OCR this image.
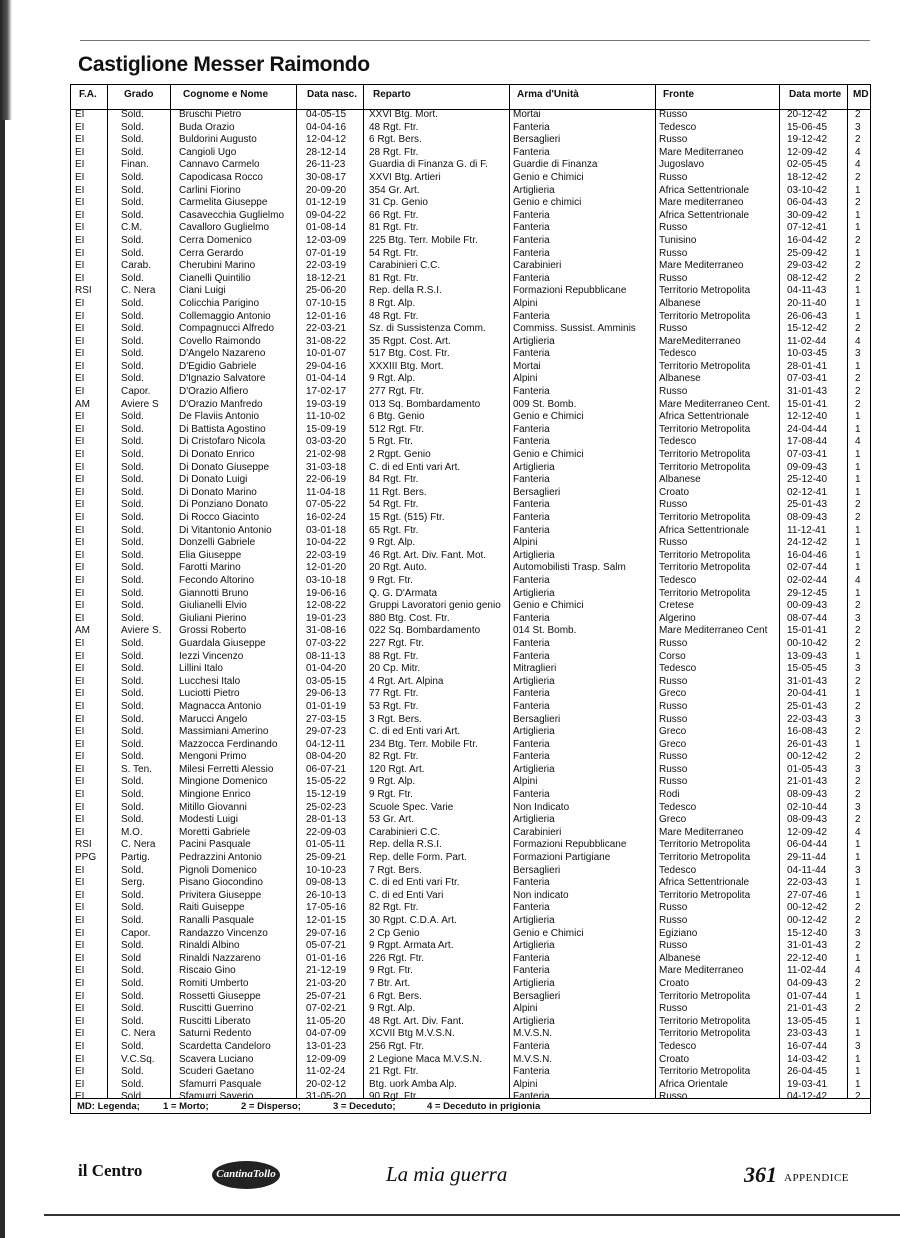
Castiglione Messer Raimondo
F.A.	Grado	Cognome e Nome	Data nasc. Reparto	Arma d'Unità	Fronte	Data morte MD
EI	Sold.	Bruschi Pietro	04-05-15 XXVI Btg. Mort.	Mortai	Russo	20-12-42	2
EI	Sold.	Buda Orazio	04-04-16 48 Rgt. Ftr.	Fanteria	Tedesco	15-06-45	3
EI	Sold.	Buldorini Augusto	12-04-12 6 Rgt. Bers.	Bersaglieri	Russo	19-12-42	2
EI	Sold.	Cangioli Ugo	28-12-14 28 Rgt. Ftr.	Fanteria	Mare Mediterraneo	12-09-42	4
EI	Finan.	Cannavo Carmelo	26-11-23 Guardia di Finanza G. di F.	Guardie di Finanza	Jugoslavo	02-05-45	4
EI	Sold.	Capodicasa Rocco	30-08-17 XXVI Btg. Artieri	Genio e Chimici	Russo	18-12-42	2
EI	Sold.	Carlini Fiorino	20-09-20 354 Gr. Art.	Artiglieria	Africa Settentrionale	03-10-42	1
EI	Sold.	Carmelita Giuseppe	01-12-19 31 Cp. Genio	Genio e chimici	Mare mediterraneo	06-04-43	2
EI	Sold.	Casavecchia Guglielmo 09-04-22 66 Rgt. Ftr.	Fanteria	Africa Settentrionale	30-09-42	1
EI	C.M.	Cavalloro Guglielmo	01-08-14 81 Rgt. Ftr.	Fanteria	Russo	07-12-41	1
EI	Sold.	Cerra Domenico	12-03-09 225 Btg. Terr. Mobile Ftr.	Fanteria	Tunisino	16-04-42	2
EI	Sold.	Cerra Gerardo	07-01-19 54 Rgt. Ftr.	Fanteria	Russo	25-09-42	1
EI	Carab.	Cherubini Marino	22-03-19 Carabinieri C.C.	Carabinieri	Mare Mediterraneo	29-03-42	2
EI	Sold.	Cianelli Quintilio	18-12-21 81 Rgt. Ftr.	Fanteria	Russo	08-12-42	2
RSI	C. Nera Ciani Luigi	25-06-20 Rep. della R.S.I.	Formazioni Repubblicane	Territorio Metropolita	04-11-43	1
EI	Sold.	Colicchia Parigino	07-10-15 8 Rgt. Alp.	Alpini	Albanese	20-11-40	1
EI	Sold.	Collemaggio Antonio	12-01-16 48 Rgt. Ftr.	Fanteria	Territorio Metropolita	26-06-43	1
EI	Sold.	Compagnucci Alfredo	22-03-21 Sz. di Sussistenza Comm.	Commiss. Sussist. Amminis Russo	15-12-42	2
EI	Sold.	Covello Raimondo	31-08-22 35 Rgpt. Cost. Art.	Artiglieria	MareMediterraneo	11-02-44	4
EI	Sold.	D'Angelo Nazareno	10-01-07 517 Btg. Cost. Ftr.	Fanteria	Tedesco	10-03-45	3
EI	Sold.	D'Egidio Gabriele	29-04-16 XXXIII Btg. Mort.	Mortai	Territorio Metropolita	28-01-41	1
EI	Sold.	D'Ignazio Salvatore	01-04-14 9 Rgt. Alp.	Alpini	Albanese	07-03-41	2
EI	Capor.	D'Orazio Alfiero	17-02-17 277 Rgt. Ftr.	Fanteria	Russo	31-01-43	2
AM	Aviere S D'Orazio Manfredo	19-03-19 013 Sq. Bombardamento	009 St. Bomb.	Mare Mediterraneo Cent. 15-01-41	2
EI	Sold.	De Flaviis Antonio	11-10-02 6 Btg. Genio	Genio e Chimici	Africa Settentrionale	12-12-40	1
EI	Sold.	Di Battista Agostino	15-09-19 512 Rgt. Ftr.	Fanteria	Territorio Metropolita	24-04-44	1
EI	Sold.	Di Cristofaro Nicola	03-03-20 5 Rgt. Ftr.	Fanteria	Tedesco	17-08-44	4
EI	Sold.	Di Donato Enrico	21-02-98 2 Rgpt. Genio	Genio e Chimici	Territorio Metropolita	07-03-41	1
EI	Sold.	Di Donato Giuseppe	31-03-18 C. di ed Enti vari Art.	Artiglieria	Territorio Metropolita	09-09-43	1
EI	Sold.	Di Donato Luigi	22-06-19 84 Rgt. Ftr.	Fanteria	Albanese	25-12-40	1
EI	Sold.	Di Donato Marino	11-04-18 11 Rgt. Bers.	Bersaglieri	Croato	02-12-41	1
EI	Sold.	Di Ponziano Donato	07-05-22 54 Rgt. Ftr.	Fanteria	Russo	25-01-43	2
EI	Sold.	Di Rocco Giacinto	16-02-24 15 Rgt. (515) Ftr.	Fanteria	Territorio Metropolita	08-09-43	2
EI	Sold.	Di Vitantonio Antonio	03-01-18 65 Rgt. Ftr.	Fanteria	Africa Settentrionale	11-12-41	1
EI	Sold.	Donzelli Gabriele	10-04-22 9 Rgt. Alp.	Alpini	Russo	24-12-42	1
EI	Sold.	Elia Giuseppe	22-03-19 46 Rgt. Art. Div. Fant. Mot.	Artiglieria	Territorio Metropolita	16-04-46	1
EI	Sold.	Farotti Marino	12-01-20 20 Rgt. Auto.	Automobilisti Trasp. Salm	Territorio Metropolita	02-07-44	1
EI	Sold.	Fecondo Altorino	03-10-18 9 Rgt. Ftr.	Fanteria	Tedesco	02-02-44	4
EI	Sold.	Giannotti Bruno	19-06-16 Q. G. D'Armata	Artiglieria	Territorio Metropolita	29-12-45	1
EI	Sold.	Giulianelli Elvio	12-08-22 Gruppi Lavoratori genio genio Genio e Chimici	Cretese	00-09-43	2
EI	Sold.	Giuliani Pierino	19-01-23 880 Btg. Cost. Ftr.	Fanteria	Algerino	08-07-44	3
AM	Aviere S. Grossi Roberto	31-08-16 022 Sq. Bombardamento	014 St. Bomb.	Mare Mediterraneo Cent 15-01-41	2
EI	Sold.	Guardala Giuseppe	07-03-22 227 Rgt. Ftr.	Fanteria	Russo	00-10-42	2
EI	Sold.	Iezzi Vincenzo	08-11-13 88 Rgt. Ftr.	Fanteria	Corso	13-09-43	1
EI	Sold.	Lillini Italo	01-04-20 20 Cp. Mitr.	Mitraglieri	Tedesco	15-05-45	3
EI	Sold.	Lucchesi Italo	03-05-15 4 Rgt. Art. Alpina	Artiglieria	Russo	31-01-43	2
EI	Sold.	Luciotti Pietro	29-06-13 77 Rgt. Ftr.	Fanteria	Greco	20-04-41	1
EI	Sold.	Magnacca Antonio	01-01-19 53 Rgt. Ftr.	Fanteria	Russo	25-01-43	2
EI	Sold.	Marucci Angelo	27-03-15 3 Rgt. Bers.	Bersaglieri	Russo	22-03-43	3
EI	Sold.	Massimiani Amerino	29-07-23 C. di ed Enti vari Art.	Artiglieria	Greco	16-08-43	2
EI	Sold.	Mazzocca Ferdinando	04-12-11 234 Btg. Terr. Mobile Ftr.	Fanteria	Greco	26-01-43	1
EI	Sold.	Mengoni Primo	08-04-20 82 Rgt. Ftr.	Fanteria	Russo	00-12-42	2
EI	S. Ten.	Milesi Ferretti Alessio	06-07-21 120 Rgt. Art.	Artiglieria	Russo	01-05-43	3
EI	Sold.	Mingione Domenico	15-05-22 9 Rgt. Alp.	Alpini	Russo	21-01-43	2
EI	Sold.	Mingione Enrico	15-12-19 9 Rgt. Ftr.	Fanteria	Rodi	08-09-43	2
EI	Sold.	Mitillo Giovanni	25-02-23 Scuole Spec. Varie	Non Indicato	Tedesco	02-10-44	3
EI	Sold.	Modesti Luigi	28-01-13 53 Gr. Art.	Artiglieria	Greco	08-09-43	2
EI	M.O.	Moretti Gabriele	22-09-03 Carabinieri C.C.	Carabinieri	Mare Mediterraneo	12-09-42	4
RSI	C. Nera Pacini Pasquale	01-05-11 Rep. della R.S.I.	Formazioni Repubblicane	Territorio Metropolita	06-04-44	1
PPG Partig.	Pedrazzini Antonio	25-09-21 Rep. delle Form. Part.	Formazioni Partigiane	Territorio Metropolita	29-11-44	1
EI	Sold.	Pignoli Domenico	10-10-23 7 Rgt. Bers.	Bersaglieri	Tedesco	04-11-44	3
EI	Serg.	Pisano Giocondino	09-08-13 C. di ed Enti vari Ftr.	Fanteria	Africa Settentrionale	22-03-43	1
EI	Sold.	Privitera Giuseppe	26-10-13 C. di ed Enti Vari	Non indicato	Territorio Metropolita	27-07-46	1
EI	Sold.	Raiti Guiseppe	17-05-16 82 Rgt. Ftr.	Fanteria	Russo	00-12-42	2
EI	Sold.	Ranalli Pasquale	12-01-15 30 Rgpt. C.D.A. Art.	Artiglieria	Russo	00-12-42	2
EI	Capor.	Randazzo Vincenzo	29-07-16 2 Cp Genio	Genio e Chimici	Egiziano	15-12-40	3
EI	Sold.	Rinaldi Albino	05-07-21 9 Rgpt. Armata Art.	Artiglieria	Russo	31-01-43	2
EI	Sold	Rinaldi Nazzareno	01-01-16 226 Rgt. Ftr.	Fanteria	Albanese	22-12-40	1
EI	Sold.	Riscaio Gino	21-12-19 9 Rgt. Ftr.	Fanteria	Mare Mediterraneo	11-02-44	4
EI	Sold.	Romiti Umberto	21-03-20 7 Btr. Art.	Artiglieria	Croato	04-09-43	2
EI	Sold.	Rossetti Giuseppe	25-07-21 6 Rgt. Bers.	Bersaglieri	Territorio Metropolita	01-07-44	1
EI	Sold.	Ruscitti Guerrino	07-02-21 9 Rgt. Alp.	Alpini	Russo	21-01-43	2
EI	Sold.	Ruscitti Liberato	11-05-20 48 Rgt. Art. Div. Fant.	Artiglieria	Territorio Metropolita	13-05-45	1
EI	C. Nera Saturni Redento	04-07-09 XCVII Btg M.V.S.N.	M.V.S.N.	Territorio Metropolita	23-03-43	1
EI	Sold.	Scardetta Candeloro	13-01-23 256 Rgt. Ftr.	Fanteria	Tedesco	16-07-44	3
EI	V.C.Sq. Scavera Luciano	12-09-09 2 Legione Maca M.V.S.N.	M.V.S.N.	Croato	14-03-42	1
EI	Sold.	Scuderi Gaetano	11-02-24 21 Rgt. Ftr.	Fanteria	Territorio Metropolita	26-04-45	1
EI	Sold.	Sfamurri Pasquale	20-02-12 Btg. uork Amba Alp.	Alpini	Africa Orientale	19-03-41	1
EI	Sold.	Sfamurri Saverio	31-05-20 90 Rgt. Ftr.	Fanteria	Russo	04-12-42	2
MD: Legenda; 1 = Morto;	2 = Disperso;	3 = Deceduto;	4 = Deceduto in prigionia
il Centro	CantinaTollo	La mia guerra	361 APPENDICE
